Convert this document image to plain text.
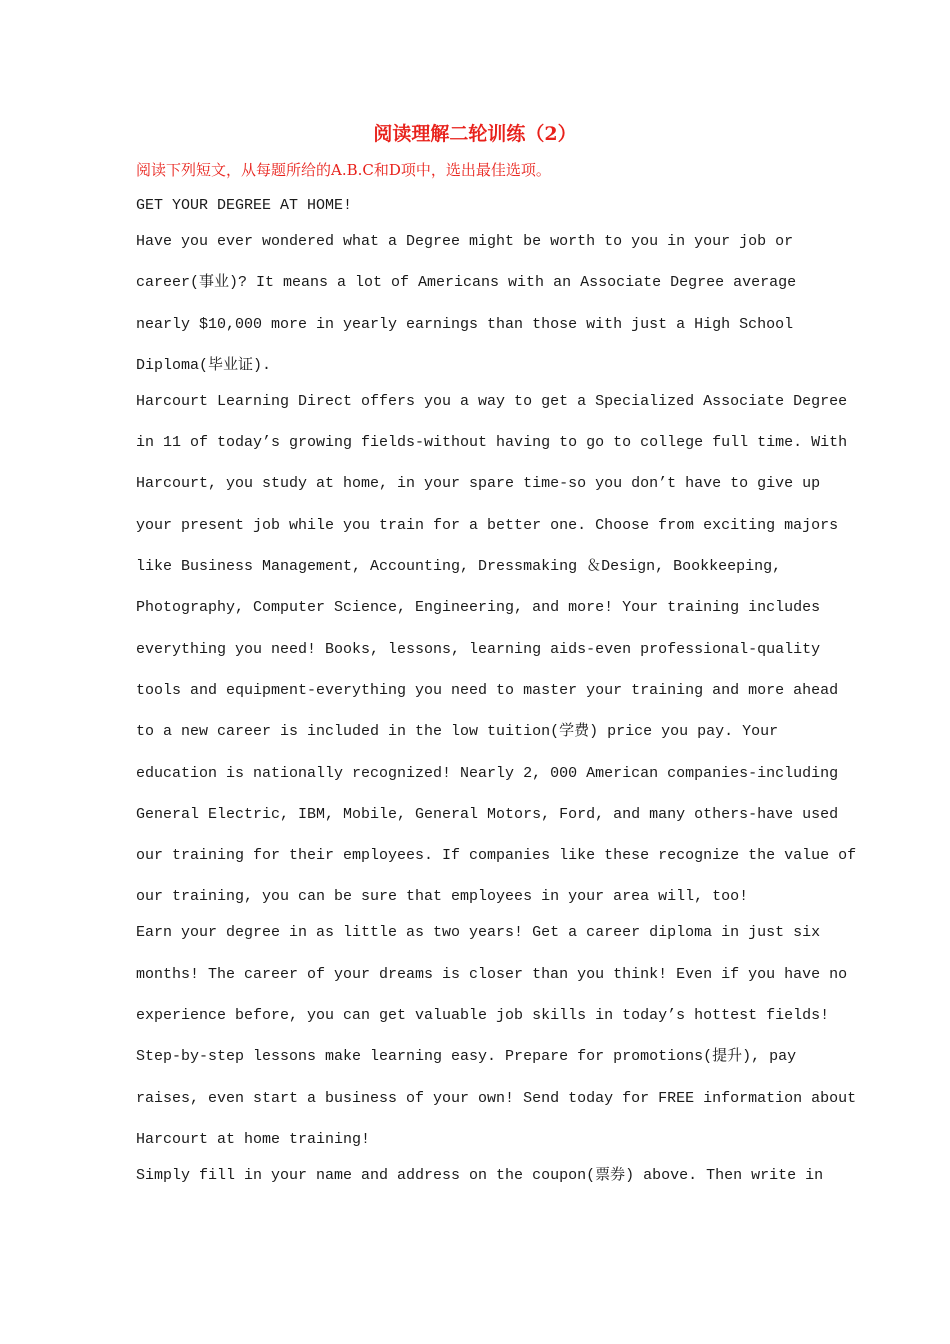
阅读理解二轮训练（2）
阅读下列短文，从每题所给的A.B.C和D项中，选出最佳选项。
GET YOUR DEGREE AT HOME!
Have you ever wondered what a Degree might be worth to you in your job or
career(事业)? It means a lot of Americans with an Associate Degree average
nearly $10,000 more in yearly earnings than those with just a High School
Diploma(毕业证).
Harcourt Learning Direct offers you a way to get a Specialized Associate Degree
in 11 of today’s growing fields-without having to go to college full time. With
Harcourt, you study at home, in your spare time-so you don’t have to give up
your present job while you train for a better one. Choose from exciting majors
like Business Management, Accounting, Dressmaking ＆Design, Bookkeeping,
Photography, Computer Science, Engineering, and more! Your training includes
everything you need! Books, lessons, learning aids-even professional-quality
tools and equipment-everything you need to master your training and more ahead
to a new career is included in the low tuition(学费) price you pay. Your
education is nationally recognized! Nearly 2, 000 American companies-including
General Electric, IBM, Mobile, General Motors, Ford, and many others-have used
our training for their employees. If companies like these recognize the value of
our training, you can be sure that employees in your area will, too!
Earn your degree in as little as two years! Get a career diploma in just six
months! The career of your dreams is closer than you think! Even if you have no
experience before, you can get valuable job skills in today’s hottest fields!
Step-by-step lessons make learning easy. Prepare for promotions(提升), pay
raises, even start a business of your own! Send today for FREE information about
Harcourt at home training!
Simply fill in your name and address on the coupon(票券) above. Then write in
